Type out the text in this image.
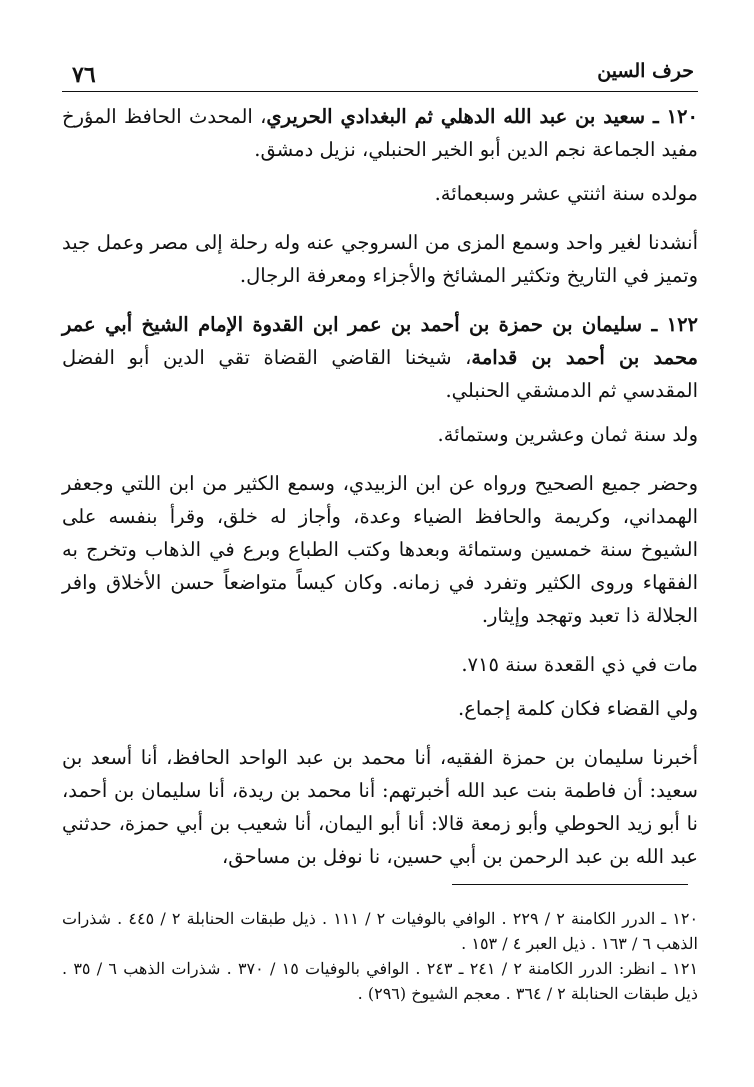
٧٦	حرف السين

١٢٠ ـ سعيد بن عبد الله الدهلي ثم البغدادي الحريري، المحدث الحافظ المؤرخ مفيد الجماعة نجم الدين أبو الخير الحنبلي، نزيل دمشق.

مولده سنة اثنتي عشر وسبعمائة.

أنشدنا لغير واحد وسمع المزى من السروجي عنه وله رحلة إلى مصر وعمل جيد وتميز في التاريخ وتكثير المشائخ والأجزاء ومعرفة الرجال.

١٢٢ ـ سليمان بن حمزة بن أحمد بن عمر ابن القدوة الإمام الشيخ أبي عمر محمد بن أحمد بن قدامة، شيخنا القاضي القضاة تقي الدين أبو الفضل المقدسي ثم الدمشقي الحنبلي.

ولد سنة ثمان وعشرين وستمائة.

وحضر جميع الصحيح ورواه عن ابن الزبيدي، وسمع الكثير من ابن اللتي وجعفر الهمداني، وكريمة والحافظ الضياء وعدة، وأجاز له خلق، وقرأ بنفسه على الشيوخ سنة خمسين وستمائة وبعدها وكتب الطباع وبرع في الذهاب وتخرج به الفقهاء وروى الكثير وتفرد في زمانه. وكان كيساً متواضعاً حسن الأخلاق وافر الجلالة ذا تعبد وتهجد وإيثار.

مات في ذي القعدة سنة ٧١٥.

ولي القضاء فكان كلمة إجماع.

أخبرنا سليمان بن حمزة الفقيه، أنا محمد بن عبد الواحد الحافظ، أنا أسعد بن سعيد: أن فاطمة بنت عبد الله أخبرتهم: أنا محمد بن ريدة، أنا سليمان بن أحمد، نا أبو زيد الحوطي وأبو زمعة قالا: أنا أبو اليمان، أنا شعيب بن أبي حمزة، حدثني عبد الله بن عبد الرحمن بن أبي حسين، نا نوفل بن مساحق،

١٢٠ ـ الدرر الكامنة ٢ / ٢٢٩ . الوافي بالوفيات ٢ / ١١١ . ذيل طبقات الحنابلة ٢ / ٤٤٥ . شذرات الذهب ٦ / ١٦٣ . ذيل العبر ٤ / ١٥٣ .

١٢١ ـ انظر: الدرر الكامنة ٢ / ٢٤١ ـ ٢٤٣ . الوافي بالوفيات ١٥ / ٣٧٠ . شذرات الذهب ٦ / ٣٥ . ذيل طبقات الحنابلة ٢ / ٣٦٤ . معجم الشيوخ (٢٩٦) .
